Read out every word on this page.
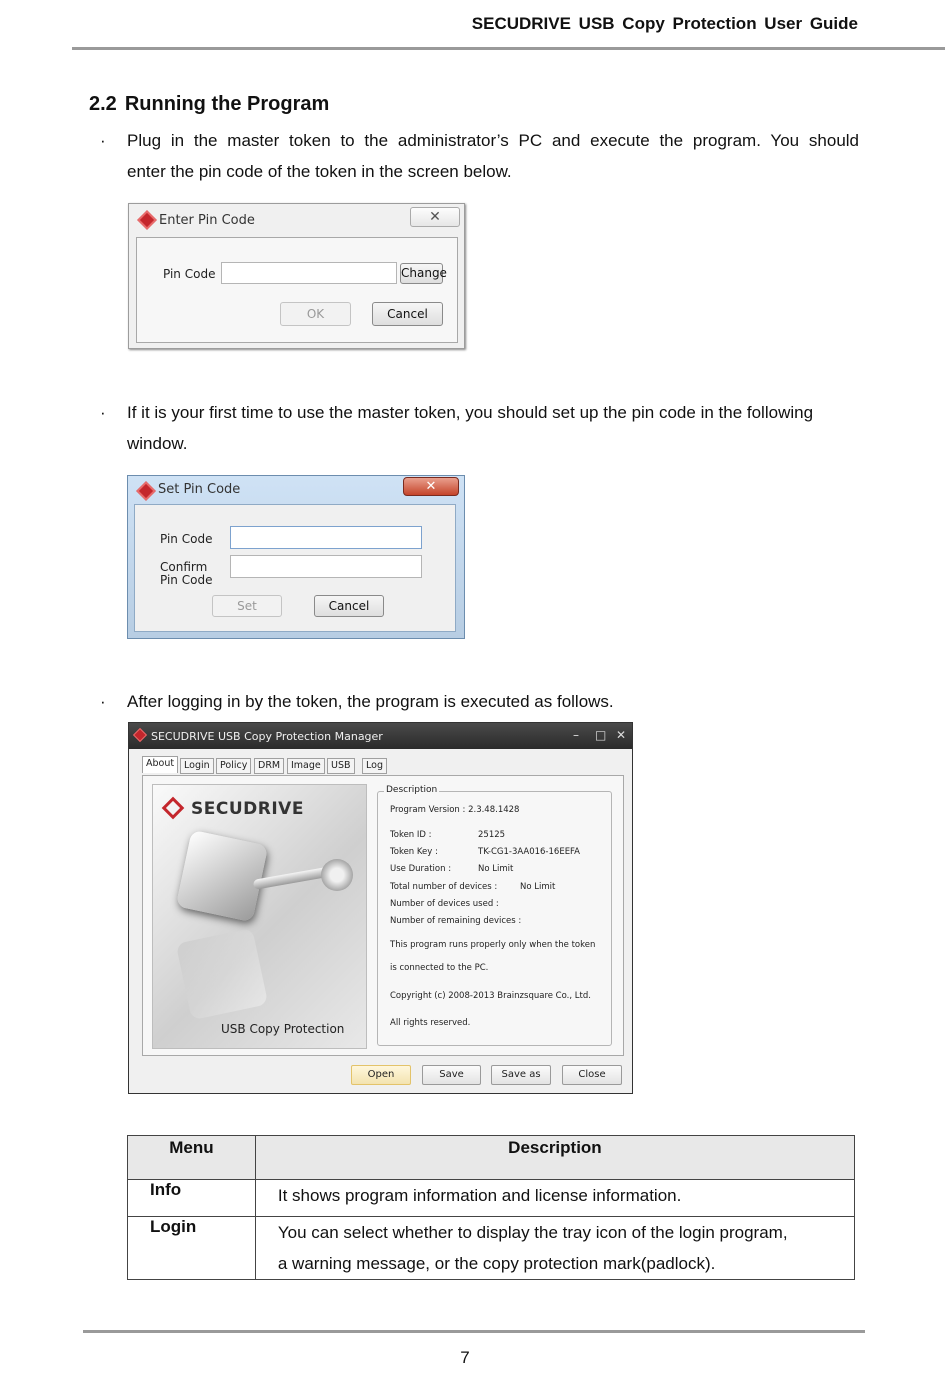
SECUDRIVE USB Copy Protection User Guide
2.2 Running the Program
· Plug in the master token to the administrator’s PC and execute the program. You should
enter the pin code of the token in the screen below.
Enter Pin Code	✕
Pin Code	Change
OK	Cancel
· If it is your first time to use the master token, you should set up the pin code in the following
window.
Set Pin Code	✕
Pin Code
Confirm
Pin Code
Set	Cancel
· After logging in by the token, the program is executed as follows.
SECUDRIVE USB Copy Protection Manager	– □ ✕
About	Login	Policy	DRM	Image	USB	Log
SECUDRIVE
USB Copy Protection
Description
Program Version : 2.3.48.1428
Token ID :	25125
Token Key :	TK-CG1-3AA016-16EEFA
Use Duration :	No Limit
Total number of devices :	No Limit
Number of devices used :
Number of remaining devices :
This program runs properly only when the token
is connected to the PC.
Copyright (c) 2008-2013 Brainzsquare Co., Ltd.
All rights reserved.
Open	Save	Save as	Close
Menu	Description
Info	It shows program information and license information.

Login	You can select whether to display the tray icon of the login program,
a warning message, or the copy protection mark(padlock).
7
